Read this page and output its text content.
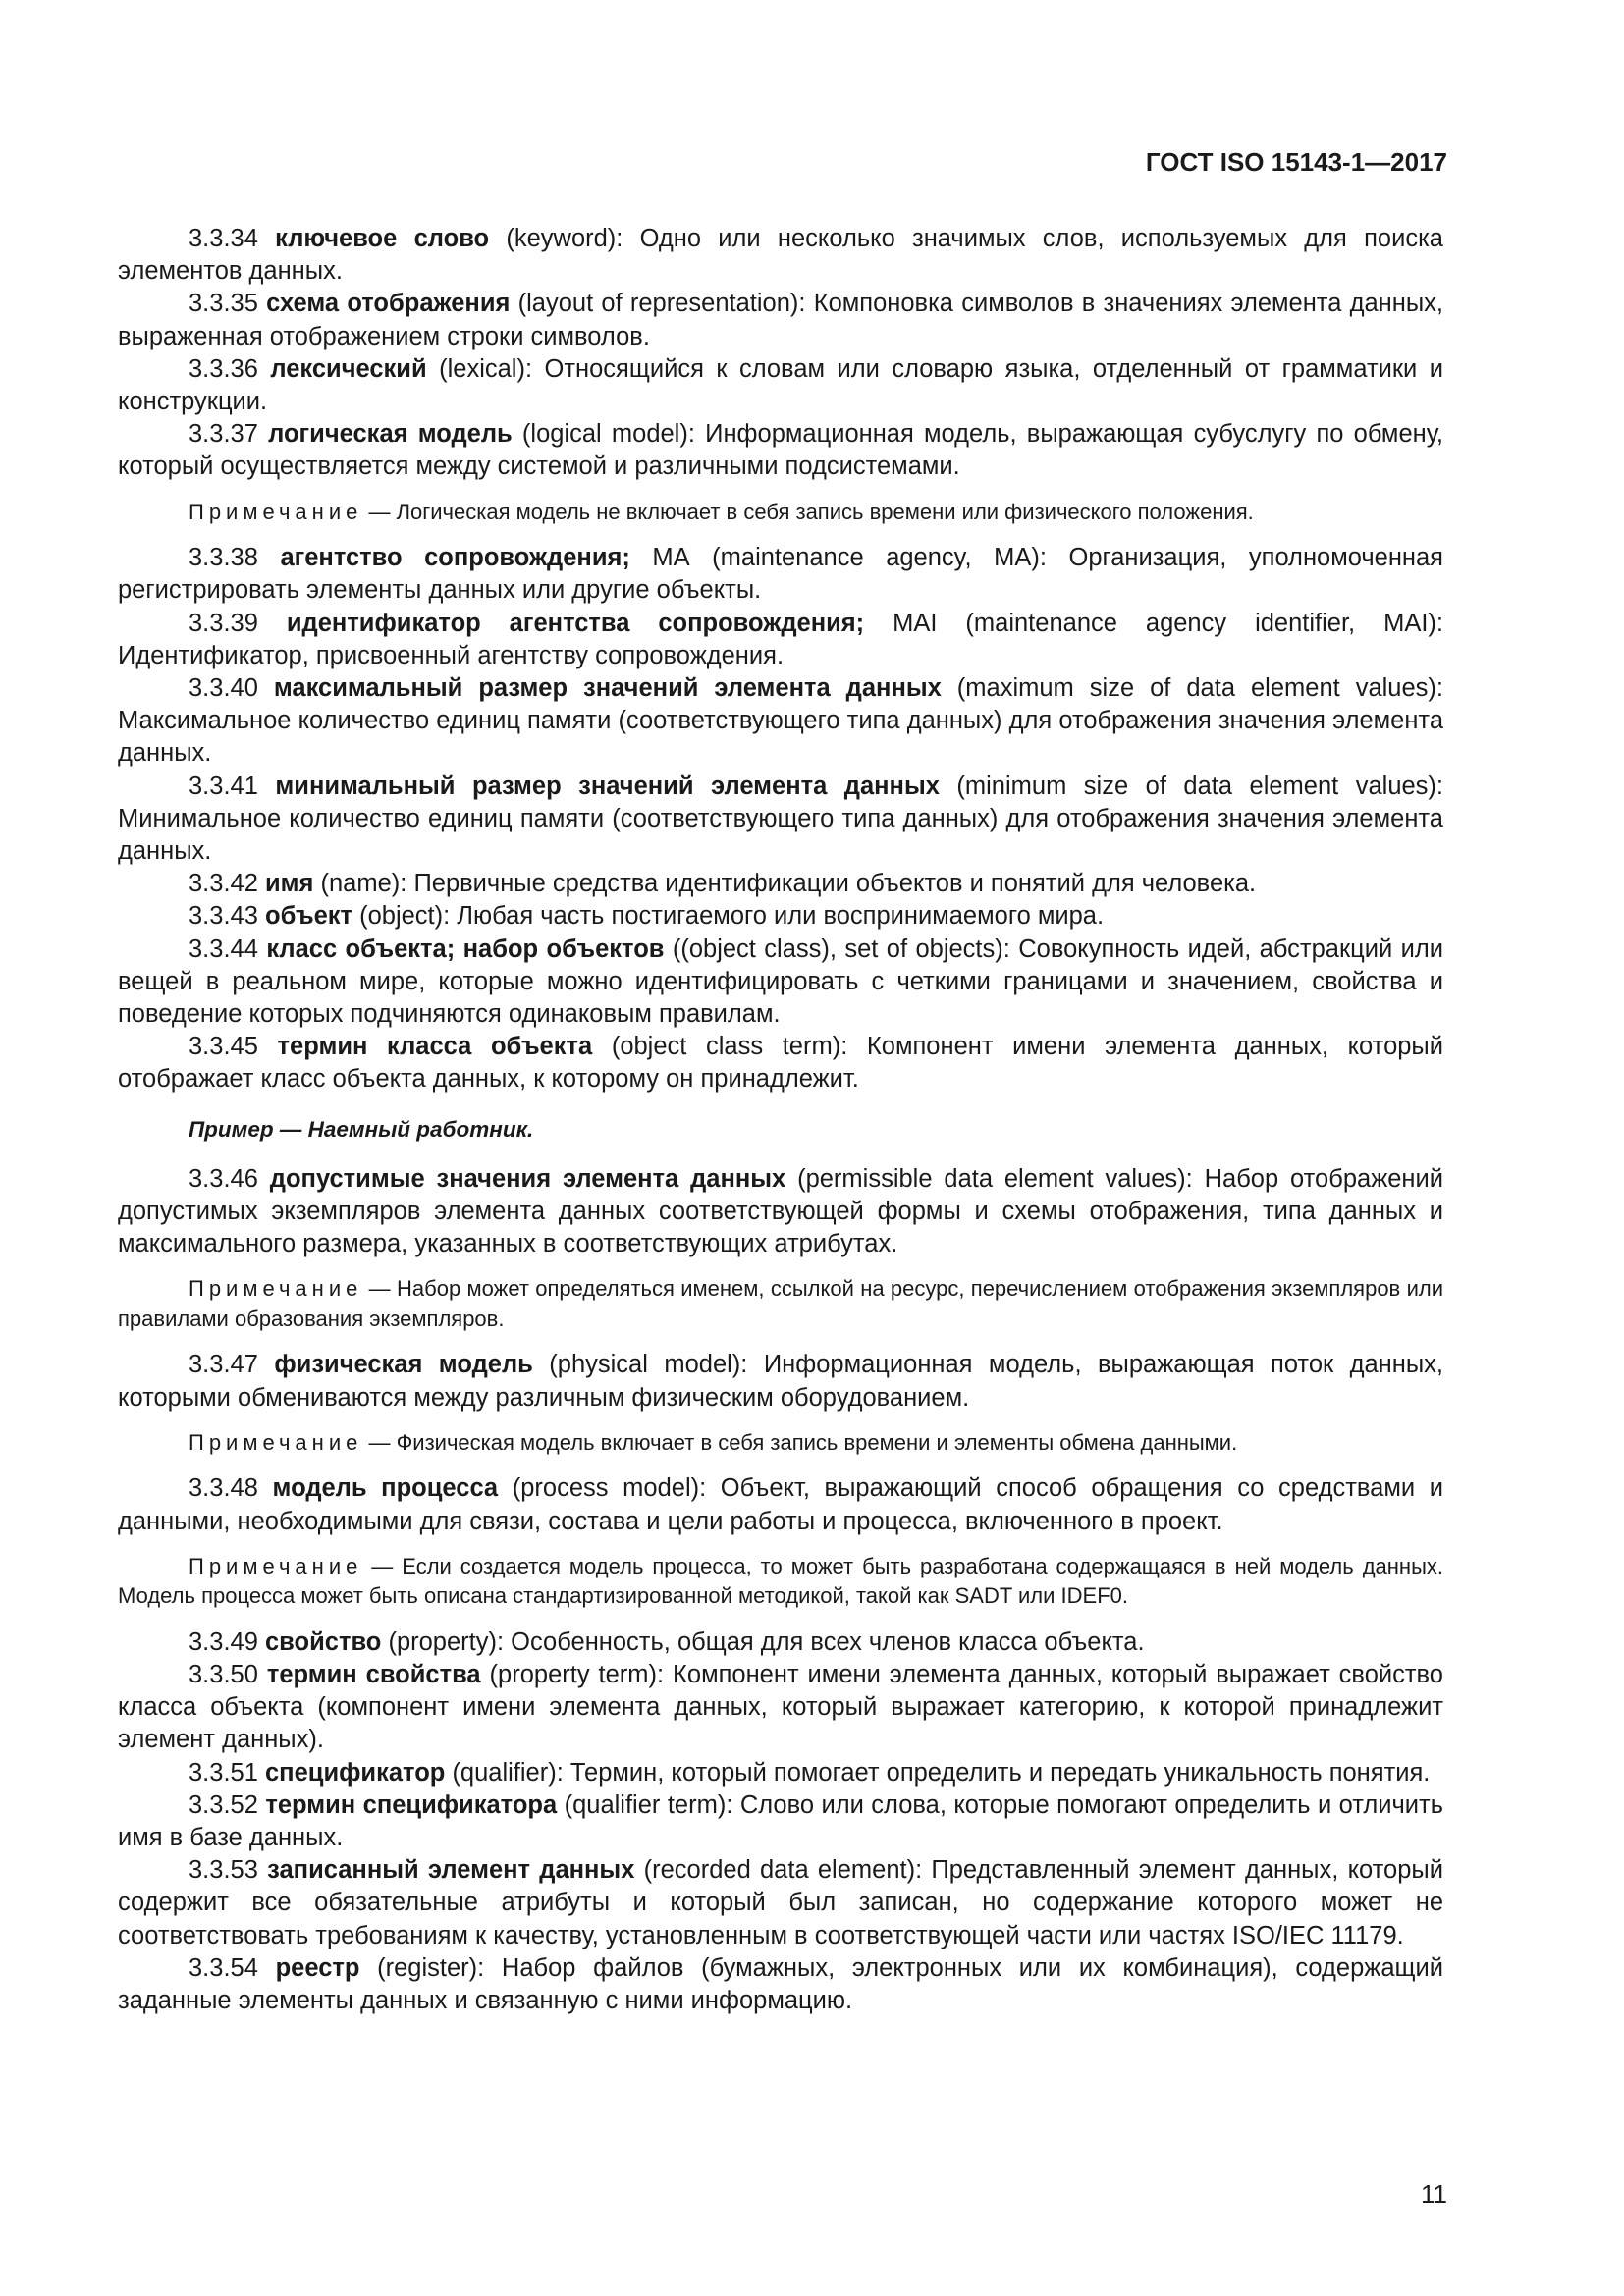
ГОСТ ISO 15143-1—2017

3.3.34 ключевое слово (keyword): Одно или несколько значимых слов, используемых для поиска элементов данных.

3.3.35 схема отображения (layout of representation): Компоновка символов в значениях элемента данных, выраженная отображением строки символов.

3.3.36 лексический (lexical): Относящийся к словам или словарю языка, отделенный от грамматики и конструкции.

3.3.37 логическая модель (logical model): Информационная модель, выражающая субуслугу по обмену, который осуществляется между системой и различными подсистемами.

Примечание — Логическая модель не включает в себя запись времени или физического положения.

3.3.38 агентство сопровождения; МА (maintenance agency, MA): Организация, уполномоченная регистрировать элементы данных или другие объекты.

3.3.39 идентификатор агентства сопровождения; MAI (maintenance agency identifier, MAI): Идентификатор, присвоенный агентству сопровождения.

3.3.40 максимальный размер значений элемента данных (maximum size of data element values): Максимальное количество единиц памяти (соответствующего типа данных) для отображения значения элемента данных.

3.3.41 минимальный размер значений элемента данных (minimum size of data element values): Минимальное количество единиц памяти (соответствующего типа данных) для отображения значения элемента данных.

3.3.42 имя (name): Первичные средства идентификации объектов и понятий для человека.

3.3.43 объект (object): Любая часть постигаемого или воспринимаемого мира.

3.3.44 класс объекта; набор объектов ((object class), set of objects): Совокупность идей, абстракций или вещей в реальном мире, которые можно идентифицировать с четкими границами и значением, свойства и поведение которых подчиняются одинаковым правилам.

3.3.45 термин класса объекта (object class term): Компонент имени элемента данных, который отображает класс объекта данных, к которому он принадлежит.

Пример — Наемный работник.

3.3.46 допустимые значения элемента данных (permissible data element values): Набор отображений допустимых экземпляров элемента данных соответствующей формы и схемы отображения, типа данных и максимального размера, указанных в соответствующих атрибутах.

Примечание — Набор может определяться именем, ссылкой на ресурс, перечислением отображения экземпляров или правилами образования экземпляров.

3.3.47 физическая модель (physical model): Информационная модель, выражающая поток данных, которыми обмениваются между различным физическим оборудованием.

Примечание — Физическая модель включает в себя запись времени и элементы обмена данными.

3.3.48 модель процесса (process model): Объект, выражающий способ обращения со средствами и данными, необходимыми для связи, состава и цели работы и процесса, включенного в проект.

Примечание — Если создается модель процесса, то может быть разработана содержащаяся в ней модель данных. Модель процесса может быть описана стандартизированной методикой, такой как SADT или IDEF0.

3.3.49 свойство (property): Особенность, общая для всех членов класса объекта.

3.3.50 термин свойства (property term): Компонент имени элемента данных, который выражает свойство класса объекта (компонент имени элемента данных, который выражает категорию, к которой принадлежит элемент данных).

3.3.51 спецификатор (qualifier): Термин, который помогает определить и передать уникальность понятия.

3.3.52 термин спецификатора (qualifier term): Слово или слова, которые помогают определить и отличить имя в базе данных.

3.3.53 записанный элемент данных (recorded data element): Представленный элемент данных, который содержит все обязательные атрибуты и который был записан, но содержание которого может не соответствовать требованиям к качеству, установленным в соответствующей части или частях ISO/IEC 11179.

3.3.54 реестр (register): Набор файлов (бумажных, электронных или их комбинация), содержащий заданные элементы данных и связанную с ними информацию.

11
